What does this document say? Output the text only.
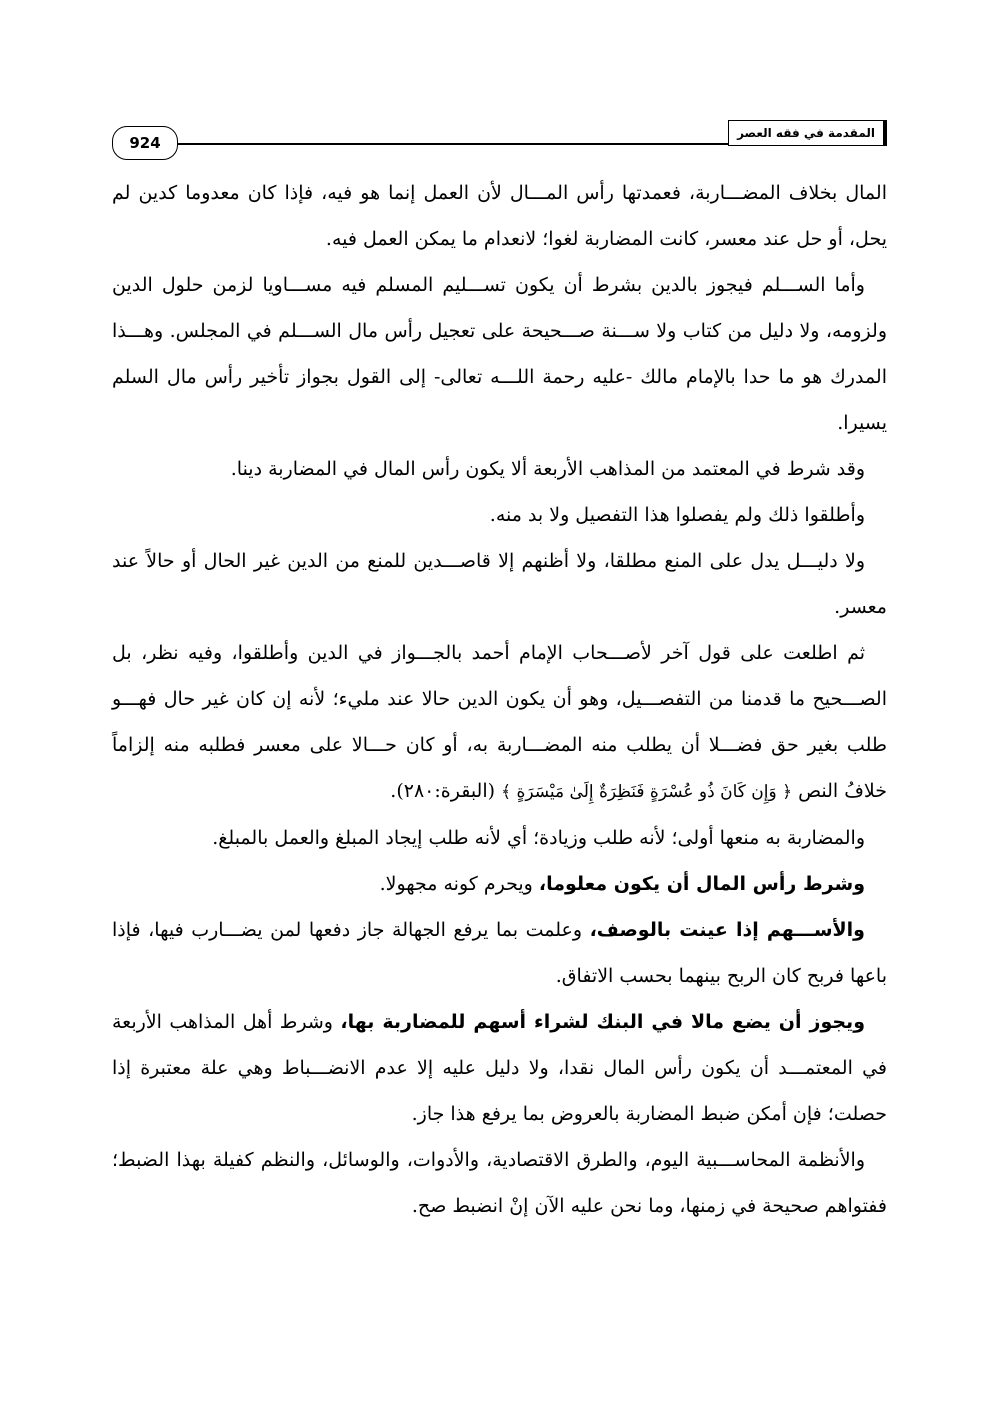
924
المقدمة في فقه العصر

المال بخلاف المضـــاربة، فعمدتها رأس المـــال لأن العمل إنما هو فيه، فإذا كان معدوما كدين لم يحل، أو حل عند معسر، كانت المضاربة لغوا؛ لانعدام ما يمكن العمل فيه.

وأما الســـلم فيجوز بالدين بشرط أن يكون تســـليم المسلم فيه مســـاويا لزمن حلول الدين ولزومه، ولا دليل من كتاب ولا ســـنة صـــحيحة على تعجيل رأس مال الســـلم في المجلس. وهـــذا المدرك هو ما حدا بالإمام مالك -عليه رحمة اللـــه تعالى- إلى القول بجواز تأخير رأس مال السلم يسيرا.

وقد شرط في المعتمد من المذاهب الأربعة ألا يكون رأس المال في المضاربة دينا.

وأطلقوا ذلك ولم يفصلوا هذا التفصيل ولا بد منه.

ولا دليـــل يدل على المنع مطلقا، ولا أظنهم إلا قاصـــدين للمنع من الدين غير الحال أو حالاً عند معسر.

ثم اطلعت على قول آخر لأصـــحاب الإمام أحمد بالجـــواز في الدين وأطلقوا، وفيه نظر، بل الصـــحيح ما قدمنا من التفصـــيل، وهو أن يكون الدين حالا عند مليء؛ لأنه إن كان غير حال فهـــو طلب بغير حق فضـــلا أن يطلب منه المضـــاربة به، أو كان حـــالا على معسر فطلبه منه إلزاماً خلافُ النص ﴿ وَإِن كَانَ ذُو عُسْرَةٍ فَنَظِرَةٌ إِلَىٰ مَيْسَرَةٍ ﴾ (البقرة:٢٨٠).

والمضاربة به منعها أولى؛ لأنه طلب وزيادة؛ أي لأنه طلب إيجاد المبلغ والعمل بالمبلغ.

وشرط رأس المال أن يكون معلوما، ويحرم كونه مجهولا.

والأســـهم إذا عينت بالوصف، وعلمت بما يرفع الجهالة جاز دفعها لمن يضـــارب فيها، فإذا باعها فربح كان الربح بينهما بحسب الاتفاق.

ويجوز أن يضع مالا في البنك لشراء أسهم للمضاربة بها، وشرط أهل المذاهب الأربعة في المعتمـــد أن يكون رأس المال نقدا، ولا دليل عليه إلا عدم الانضـــباط وهي علة معتبرة إذا حصلت؛ فإن أمكن ضبط المضاربة بالعروض بما يرفع هذا جاز.

والأنظمة المحاســـبية اليوم، والطرق الاقتصادية، والأدوات، والوسائل، والنظم كفيلة بهذا الضبط؛ ففتواهم صحيحة في زمنها، وما نحن عليه الآن إنْ انضبط صح.
